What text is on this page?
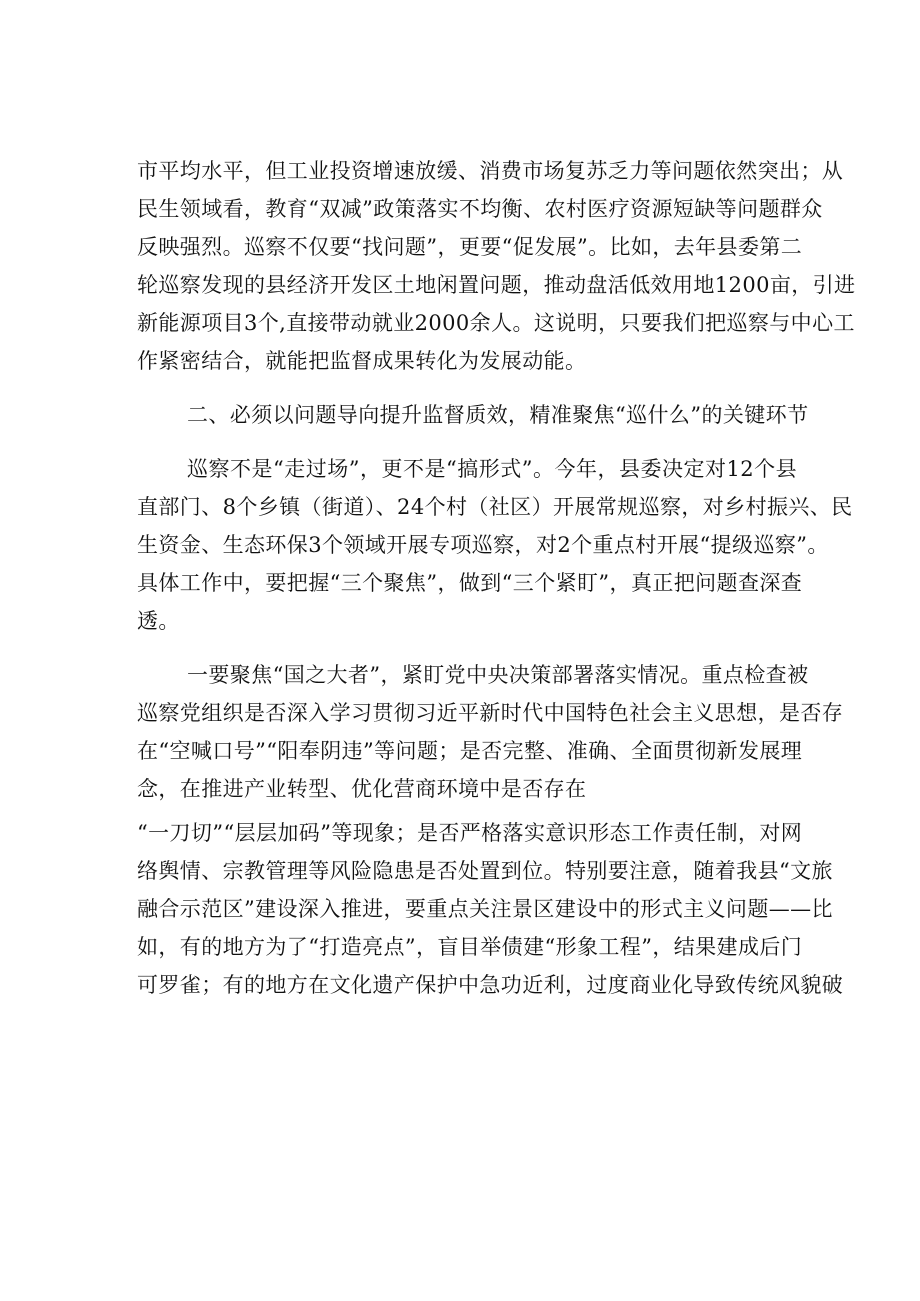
市平均水平，但工业投资增速放缓、消费市场复苏乏力等问题依然突出；从
民生领域看，教育“双减”政策落实不均衡、农村医疗资源短缺等问题群众
反映强烈。巡察不仅要“找问题”，更要“促发展”。比如，去年县委第二
轮巡察发现的县经济开发区土地闲置问题，推动盘活低效用地1200亩，引进
新能源项目3个,直接带动就业2000余人。这说明，只要我们把巡察与中心工
作紧密结合，就能把监督成果转化为发展动能。
二、必须以问题导向提升监督质效，精准聚焦“巡什么”的关键环节
巡察不是“走过场”，更不是“搞形式”。今年，县委决定对12个县
直部门、8个乡镇（街道）、24个村（社区）开展常规巡察，对乡村振兴、民
生资金、生态环保3个领域开展专项巡察，对2个重点村开展“提级巡察”。
具体工作中，要把握“三个聚焦”，做到“三个紧盯”，真正把问题查深查
透。
一要聚焦“国之大者”，紧盯党中央决策部署落实情况。重点检查被
巡察党组织是否深入学习贯彻习近平新时代中国特色社会主义思想，是否存
在“空喊口号”“阳奉阴违”等问题；是否完整、准确、全面贯彻新发展理
念，在推进产业转型、优化营商环境中是否存在
“一刀切”“层层加码”等现象；是否严格落实意识形态工作责任制，对网
络舆情、宗教管理等风险隐患是否处置到位。特别要注意，随着我县“文旅
融合示范区”建设深入推进，要重点关注景区建设中的形式主义问题——比
如，有的地方为了“打造亮点”，盲目举债建“形象工程”，结果建成后门
可罗雀；有的地方在文化遗产保护中急功近利，过度商业化导致传统风貌破
